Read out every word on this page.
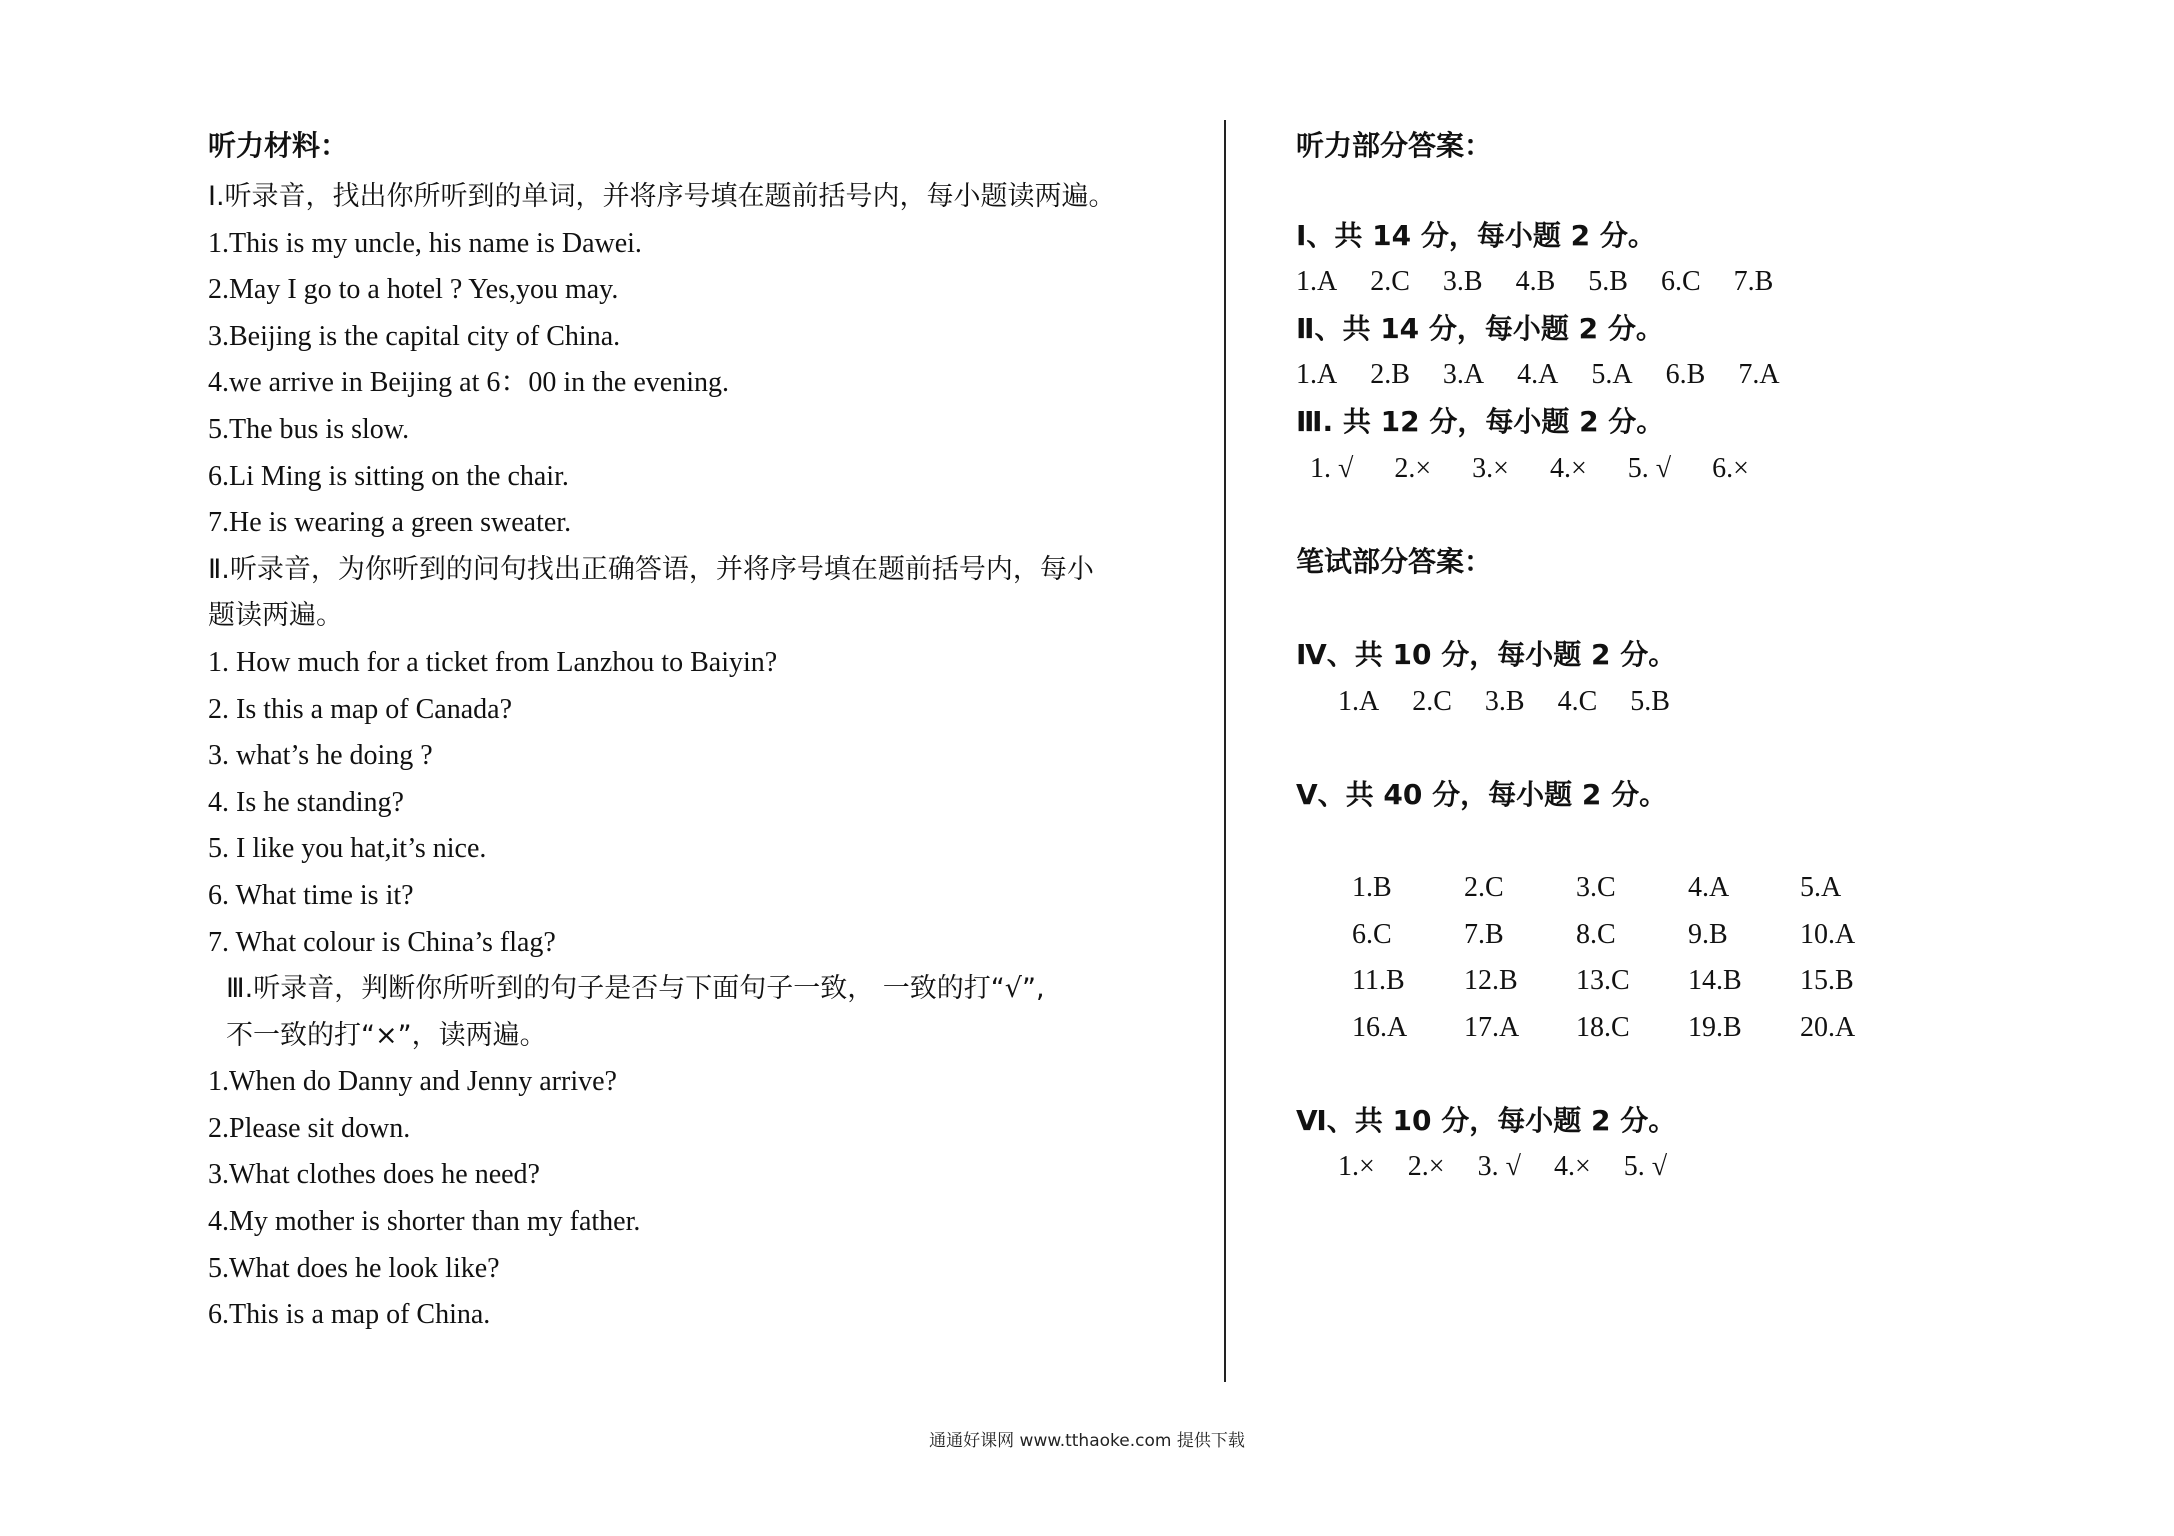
听力材料：
Ⅰ.听录音，找出你所听到的单词，并将序号填在题前括号内，每小题读两遍。
1.This is my uncle, his name is Dawei.
2.May I go to a hotel ? Yes,you may.
3.Beijing is the capital city of China.
4.we arrive in Beijing at 6：00 in the evening.
5.The bus is slow.
6.Li Ming is sitting on the chair.
7.He is wearing a green sweater.
Ⅱ.听录音，为你听到的问句找出正确答语，并将序号填在题前括号内，每小
题读两遍。
1. How much for a ticket from Lanzhou to Baiyin?
2. Is this a map of Canada?
3. what’s he doing ?
4. Is he standing?
5. I like you hat,it’s nice.
6. What time is it?
7. What colour is China’s flag?
Ⅲ.听录音，判断你所听到的句子是否与下面句子一致， 一致的打“√”,
不一致的打“×”，读两遍。
1.When do Danny and Jenny arrive?
2.Please sit down.
3.What clothes does he need?
4.My mother is shorter than my father.
5.What does he look like?
6.This is a map of China.
听力部分答案：
Ⅰ、共 14 分，每小题 2 分。
1.A 2.C 3.B 4.B 5.B 6.C 7.B
Ⅱ、共 14 分，每小题 2 分。
1.A 2.B 3.A 4.A 5.A 6.B 7.A
Ⅲ. 共 12 分，每小题 2 分。
1. √ 2.× 3.× 4.× 5. √ 6.×
笔试部分答案：
Ⅳ、共 10 分，每小题 2 分。
1.A 2.C 3.B 4.C 5.B
Ⅴ、共 40 分，每小题 2 分。
1.B	2.C	3.C	4.A	5.A
6.C	7.B	8.C	9.B	10.A
11.B 12.B 13.C 14.B 15.B
16.A 17.A 18.C 19.B 20.A
Ⅵ、共 10 分，每小题 2 分。
1.× 2.× 3. √ 4.× 5. √
通通好课网 www.tthaoke.com 提供下载
